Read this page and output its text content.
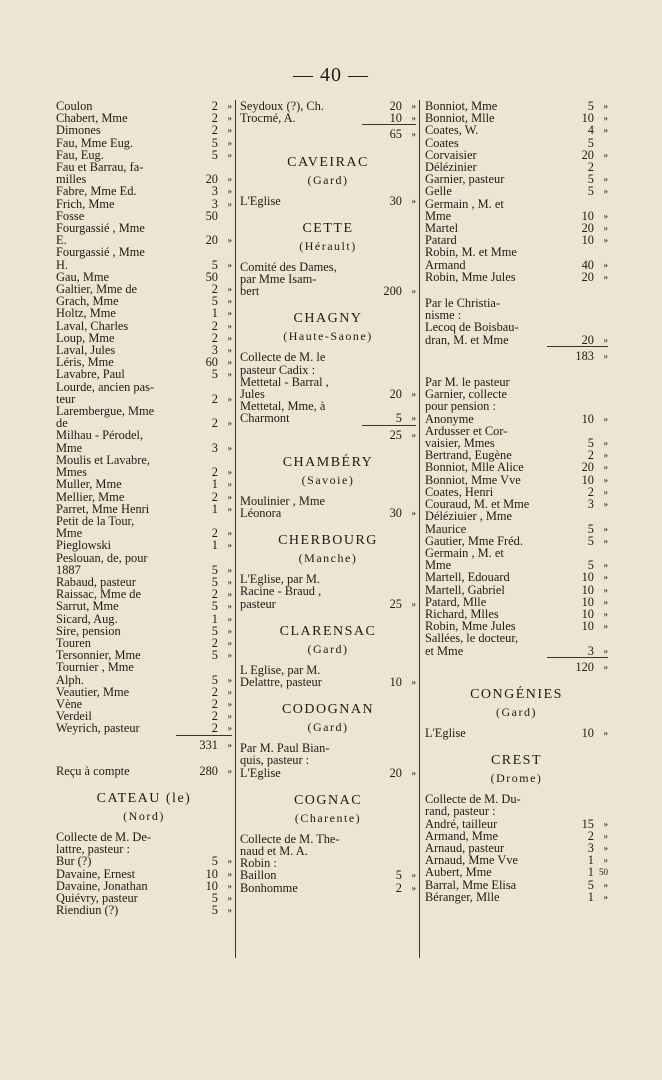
— 40 —
Coulon	2	»
Chabert, Mme	2	»
Dimones	2	»
Fau, Mme Eug.	5	»
Fau, Eug.	5	»
Fau et Barrau, fa-
milles	20	»
Fabre, Mme Ed.	3	»
Frich, Mme	3	»
Fosse	50
Fourgassié , Mme
E.	20	»
Fourgassié , Mme
H.	5	»
Gau, Mme	50
Galtier, Mme de	2	»
Grach, Mme	5	»
Holtz, Mme	1	»
Laval, Charles	2	»
Loup, Mme	2	»
Laval, Jules	3	»
Léris, Mme	60	»
Lavabre, Paul	5	»
Lourde, ancien pas-
teur	2	»
Larembergue, Mme
de	2	»
Milhau - Pérodel,
Mme	3	»
Moulis et Lavabre,
Mmes	2	»
Muller, Mme	1	»
Mellier, Mme	2	»
Parret, Mme Henri	1	»
Petit de la Tour,
Mme	2	»
Pieglowski	1	»
Peslouan, de, pour
1887	5	»
Rabaud, pasteur	5	»
Raissac, Mme de	2	»
Sarrut, Mme	5	»
Sicard, Aug.	1	»
Sire, pension	5	»
Touren	2	»
Tersonnier, Mme	5	»
Tournier , Mme
Alph.	5	»
Veautier, Mme	2	»
Vène	2	»
Verdeil	2	»
Weyrich, pasteur	2	»
331	»
Reçu à compte	280	»
CATEAU (le)
(Nord)
Collecte de M. De-
lattre, pasteur :
Bur (?)	5	»
Davaine, Ernest	10	»
Davaine, Jonathan	10	»
Quiévry, pasteur	5	»
Riendiun (?)	5	»
Seydoux (?), Ch.	20	»
Trocmé, A.	10	»
65	»
CAVEIRAC
(Gard)
L'Eglise	30	»
CETTE
(Hérault)
Comité des Dames,
par Mme Isam-
bert	200	»
CHAGNY
(Haute-Saone)
Collecte de M. le
pasteur Cadix :
Mettetal - Barral ,
Jules	20	»
Mettetal, Mme, à
Charmont	5	»
25	»
CHAMBÉRY
(Savoie)
Moulinier , Mme
Léonora	30	»
CHERBOURG
(Manche)
L'Eglise, par M.
Racine - Braud ,
pasteur	25	»
CLARENSAC
(Gard)
L Eglise, par M.
Delattre, pasteur	10	»
CODOGNAN
(Gard)
Par M. Paul Bian-
quis, pasteur :
L'Eglise	20	»
COGNAC
(Charente)
Collecte de M. The-
naud et M. A.
Robin :
Baillon	5	»
Bonhomme	2	»
Bonniot, Mme	5	»
Bonniot, Mlle	10	»
Coates, W.	4	»
Coates	5
Corvaisier	20	»
Délézinier	2
Garnier, pasteur	5	»
Gelle	5	»
Germain , M. et
Mme	10	»
Martel	20	»
Patard	10	»
Robin, M. et Mme
Armand	40	»
Robin, Mme Jules	20	»
Par le Christia-
nisme :
Lecoq de Boisbau-
dran, M. et Mme	20	»
183	»
Par M. le pasteur
Garnier, collecte
pour pension :
Anonyme	10	»
Ardusser et Cor-
vaisier, Mmes	5	»
Bertrand, Eugène	2	»
Bonniot, Mlle Alice	20	»
Bonniot, Mme Vve	10	»
Coates, Henri	2	»
Couraud, M. et Mme	3	»
Déléziuier , Mme
Maurice	5	»
Gautier, Mme Fréd.	5	»
Germain , M. et
Mme	5	»
Martell, Edouard	10	»
Martell, Gabriel	10	»
Patard, Mlle	10	»
Richard, Mlles	10	»
Robin, Mme Jules	10	»
Sallées, le docteur,
et Mme	3	»
120	»
CONGÉNIES
(Gard)
L'Eglise	10	»
CREST
(Drome)
Collecte de M. Du-
rand, pasteur :
André, tailleur	15	»
Armand, Mme	2	»
Arnaud, pasteur	3	»
Arnaud, Mme Vve	1	»
Aubert, Mme	1 50
Barral, Mme Elisa	5	»
Béranger, Mlle	1	»
